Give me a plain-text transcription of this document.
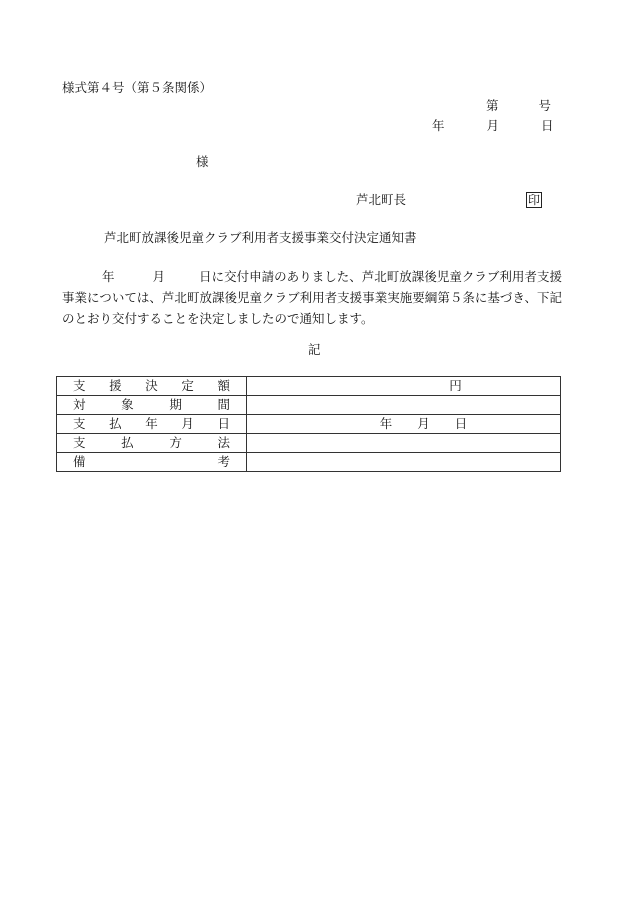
様式第４号（第５条関係）
第	号
年	月	日
様
芦北町長	印
芦北町放課後児童クラブ利用者支援事業交付決定通知書
年	月	日に交付申請のありました、芦北町放課後児童クラブ利用者支援事業については、芦北町放課後児童クラブ利用者支援事業実施要綱第５条に基づき、下記のとおり交付することを決定しましたので通知します。
記
支 援 決 定 額	円

対 象 期 間	

支 払 年 月 日	年　　月　　日

支 払 方 法	

備 考	
